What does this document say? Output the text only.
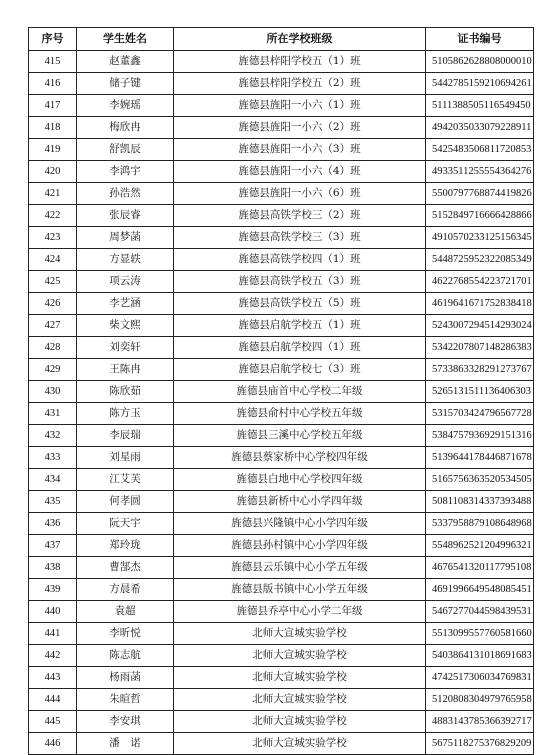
序号	学生姓名	所在学校班级	证书编号
415	赵董鑫	旌德县梓阳学校五（1）班	5105862628808000010
416	储子键	旌德县梓阳学校五（2）班	5442785159210694261
417	李婉瑶	旌德县旌阳一小六（1）班	5111388505116549450
418	梅欣冉	旌德县旌阳一小六（2）班	4942035033079228911
419	舒凯辰	旌德县旌阳一小六（3）班	5425483506811720853
420	李鸿宇	旌德县旌阳一小六（4）班	4933511255554364276
421	孙浩然	旌德县旌阳一小六（6）班	5500797768874419826
422	张辰睿	旌德县高铁学校三（2）班	5152849716666428866
423	周梦菡	旌德县高铁学校三（3）班	4910570233125156345
424	方显轶	旌德县高铁学校四（1）班	5448725952322085349
425	项云涛	旌德县高铁学校五（3）班	4622768554223721701
426	李艺涵	旌德县高铁学校五（5）班	4619641671752838418
427	柴文熙	旌德县启航学校五（1）班	5243007294514293024
428	刘奕轩	旌德县启航学校四（1）班	5342207807148286383
429	王陈冉	旌德县启航学校七（3）班	5733863328291273767
430	陈欣茹	旌德县庙首中心学校二年级	5265131511136406303
431	陈方玉	旌德县俞村中心学校五年级	5315703424796567728
432	李辰瑞	旌德县三溪中心学校五年级	5384757936929151316
433	刘星雨	旌德县蔡家桥中心学校四年级	5139644178446871678
434	江艾芙	旌德县白地中心学校四年级	5165756363520534505
435	何孝圆	旌德县新桥中心小学四年级	5081108314337393488
436	阮天宇	旌德县兴隆镇中心小学四年级	5337958879108648968
437	郑玲珑	旌德县孙村镇中心小学四年级	5548962521204996321
438	曹郜杰	旌德县云乐镇中心小学五年级	4676541320117795108
439	方晨希	旌德县版书镇中心小学五年级	4691996649548085451
440	袁超	旌德县乔亭中心小学二年级	5467277044598439531
441	李昕悦	北师大宣城实验学校	5513099557760581660
442	陈志航	北师大宣城实验学校	5403864131018691683
443	杨雨菡	北师大宣城实验学校	4742517306034769831
444	朱暄哲	北师大宣城实验学校	5120808304979765958
445	李安琪	北师大宣城实验学校	4883143785366392717
446	潘　诺	北师大宣城实验学校	5675118275376829209
